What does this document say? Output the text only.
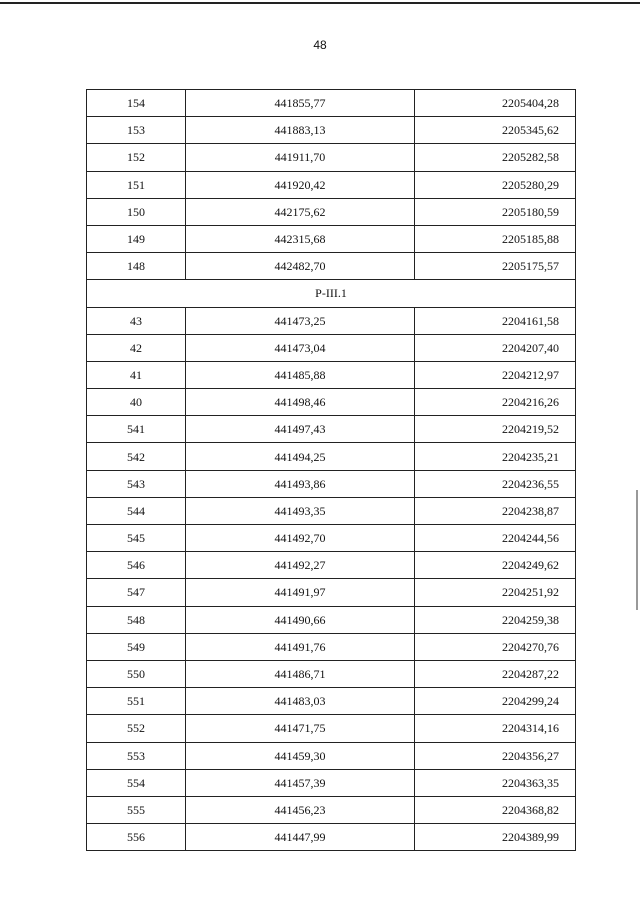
48
154	441855,77	2205404,28
153	441883,13	2205345,62
152	441911,70	2205282,58
151	441920,42	2205280,29
150	442175,62	2205180,59
149	442315,68	2205185,88
148	442482,70	2205175,57
P-III.1		
43	441473,25	2204161,58
42	441473,04	2204207,40
41	441485,88	2204212,97
40	441498,46	2204216,26
541	441497,43	2204219,52
542	441494,25	2204235,21
543	441493,86	2204236,55
544	441493,35	2204238,87
545	441492,70	2204244,56
546	441492,27	2204249,62
547	441491,97	2204251,92
548	441490,66	2204259,38
549	441491,76	2204270,76
550	441486,71	2204287,22
551	441483,03	2204299,24
552	441471,75	2204314,16
553	441459,30	2204356,27
554	441457,39	2204363,35
555	441456,23	2204368,82
556	441447,99	2204389,99
